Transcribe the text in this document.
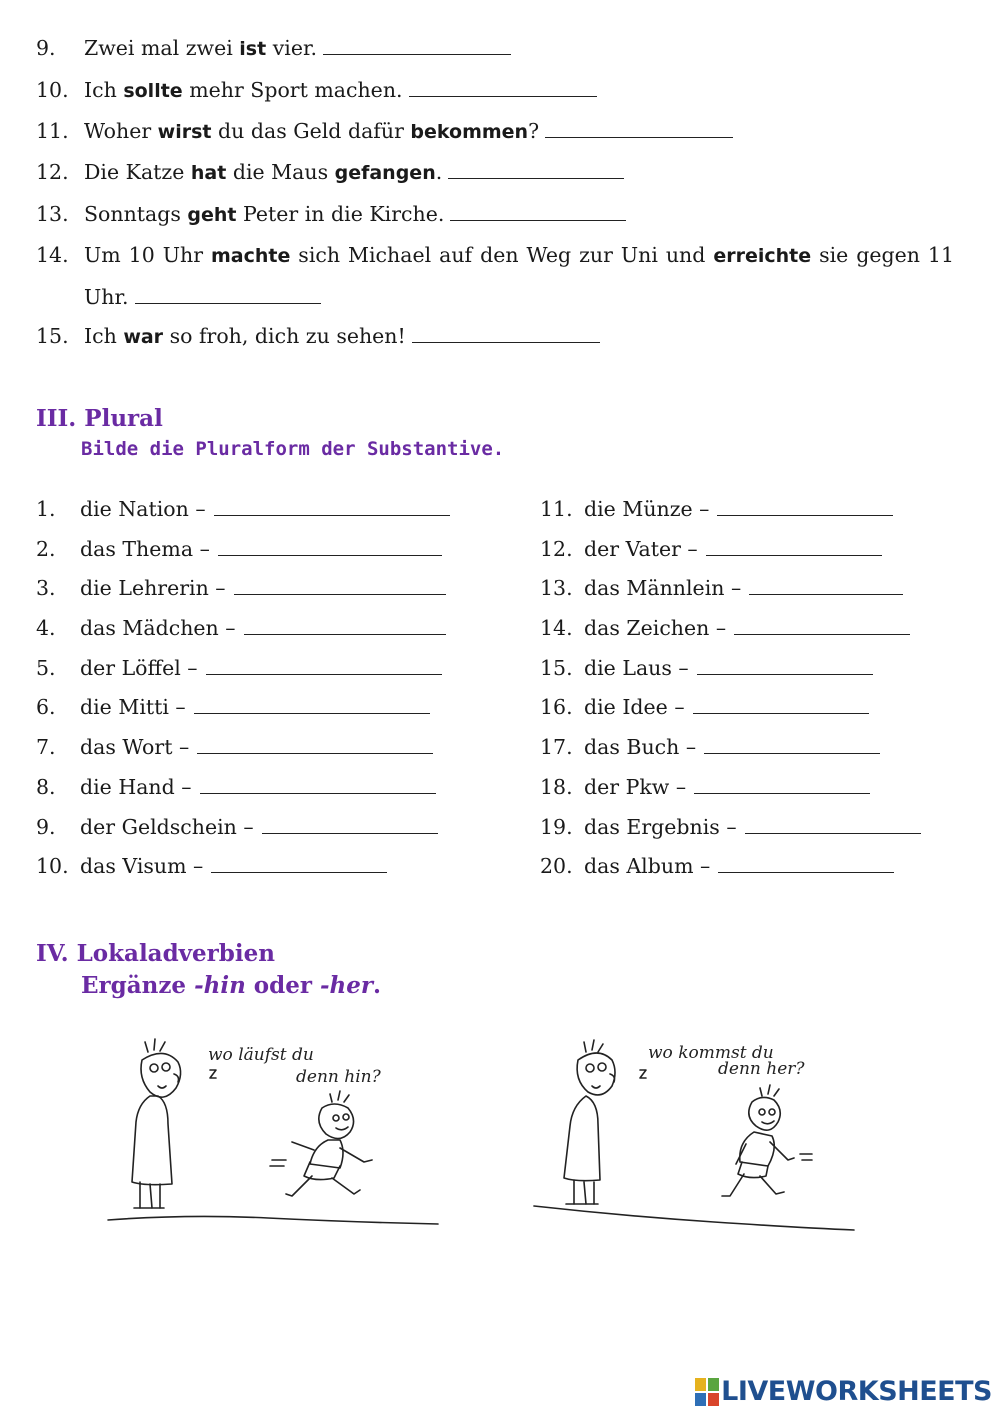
9. Zwei mal zwei ist vier.
10. Ich sollte mehr Sport machen.
11. Woher wirst du das Geld dafür bekommen?
12. Die Katze hat die Maus gefangen.
13. Sonntags geht Peter in die Kirche.
14. Um 10 Uhr machte sich Michael auf den Weg zur Uni und erreichte sie gegen 11 Uhr.
15. Ich war so froh, dich zu sehen!
III. Plural
Bilde die Pluralform der Substantive.
1. die Nation –
2. das Thema –
3. die Lehrerin –
4. das Mädchen –
5. der Löffel –
6. die Mitti –
7. das Wort –
8. die Hand –
9. der Geldschein –
10. das Visum –
11. die Münze –
12. der Vater –
13. das Männlein –
14. das Zeichen –
15. die Laus –
16. die Idee –
17. das Buch –
18. der Pkw –
19. das Ergebnis –
20. das Album –
IV. Lokaladverbien
Ergänze -hin oder -her.
wo läufst du
denn hin?
wo kommst du
denn her?
LIVEWORKSHEETS
